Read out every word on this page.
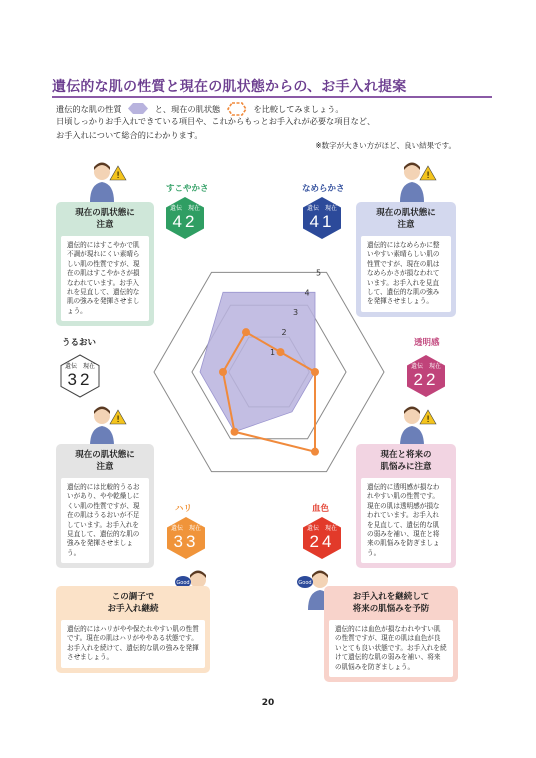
遺伝的な肌の性質と現在の肌状態からの、お手入れ提案
遺伝的な肌の性質	と、現在の肌状態	を比較してみましょう。
日頃しっかりお手入れできている項目や、これからもっとお手入れが必要な項目など、
お手入れについて総合的にわかります。
※数字が大きい方がほど、良い結果です。
1
2
3
4
5
すこやかさ
遺伝　現在
42
なめらかさ
遺伝　現在
41
うるおい
遺伝　現在
32
透明感
遺伝　現在
22
ハリ
遺伝　現在
33
血色
遺伝　現在
24
!	!
!	!
Good	Good
現在の肌状態に
注意
遺伝的にはすこやかで肌不調が現れにくい素晴らしい肌の性質ですが、現在の肌はすこやかさが損なわれています。お手入れを見直して、遺伝的な肌の強みを発揮させましょう。
現在の肌状態に
注意
遺伝的にはなめらかに整いやすい素晴らしい肌の性質ですが、現在の肌はなめらかさが損なわれています。お手入れを見直して、遺伝的な肌の強みを発揮させましょう。
現在の肌状態に
注意
遺伝的には比較的うるおいがあり、やや乾燥しにくい肌の性質ですが、現在の肌はうるおいが不足しています。お手入れを見直して、遺伝的な肌の強みを発揮させましょう。
現在と将来の
肌悩みに注意
遺伝的に透明感が損なわれやすい肌の性質です。現在の肌は透明感が損なわれています。お手入れを見直して、遺伝的な肌の弱みを補い、現在と将来の肌悩みを防ぎましょう。
この調子で
お手入れ継続
遺伝的にはハリがやや保たれやすい肌の性質です。現在の肌はハリがややある状態です。お手入れを続けて、遺伝的な肌の強みを発揮させましょう。
お手入れを継続して
将来の肌悩みを予防
遺伝的には血色が損なわれやすい肌の性質ですが、現在の肌は血色が良いとても良い状態です。お手入れを続けて遺伝的な肌の弱みを補い、将来の肌悩みを防ぎましょう。
20
